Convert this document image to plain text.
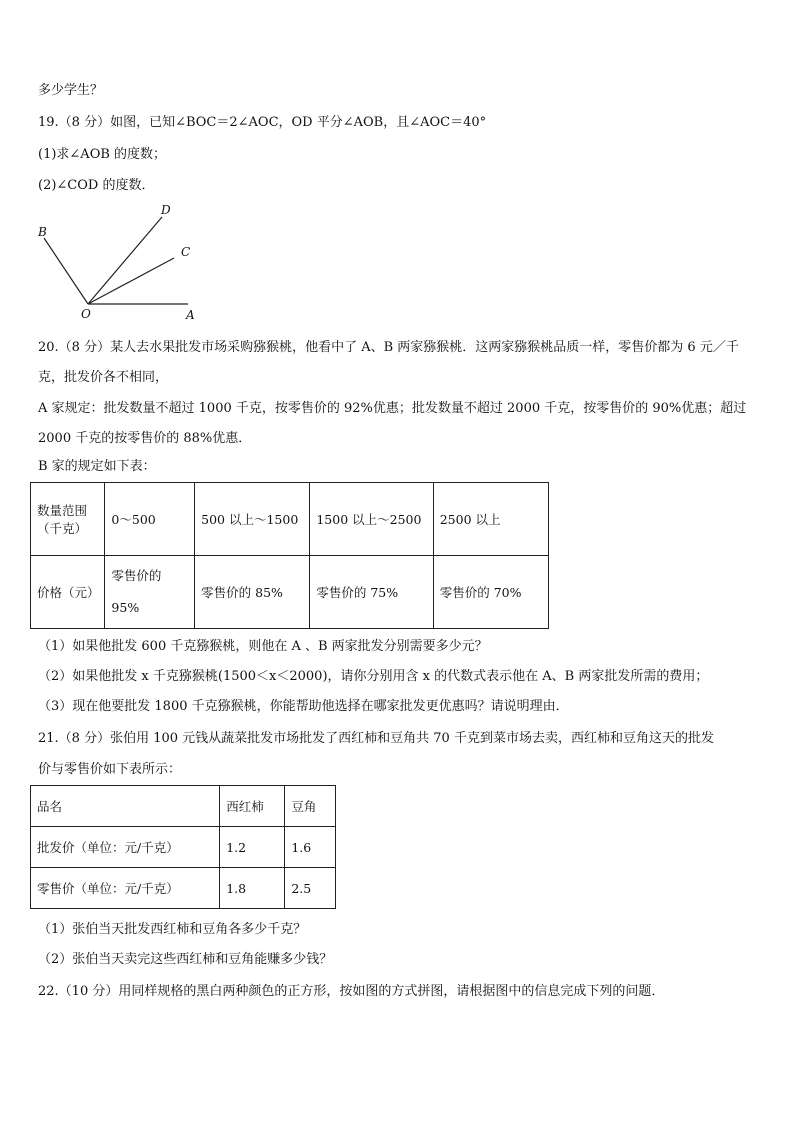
多少学生？
19.（8 分）如图，已知∠BOC＝2∠AOC，OD 平分∠AOB，且∠AOC＝40°
(1)求∠AOB 的度数；
(2)∠COD 的度数．
B
D
C
O	A
20.（8 分）某人去水果批发市场采购猕猴桃，他看中了 A、B 两家猕猴桃．这两家猕猴桃品质一样，零售价都为 6 元／千克，批发价各不相同，
A 家规定：批发数量不超过 1000 千克，按零售价的 92%优惠；批发数量不超过 2000 千克，按零售价的 90%优惠；超过 2000 千克的按零售价的 88%优惠．
B 家的规定如下表：
数量范围（千克）	0～500	500 以上～1500	1500 以上～2500	2500 以上
价格（元）	零售价的 95%	零售价的 85%	零售价的 75%	零售价的 70%
（1）如果他批发 600 千克猕猴桃，则他在 A 、B 两家批发分别需要多少元？
（2）如果他批发 x 千克猕猴桃(1500＜x＜2000)，请你分别用含 x 的代数式表示他在 A、B 两家批发所需的费用；
（3）现在他要批发 1800 千克猕猴桃，你能帮助他选择在哪家批发更优惠吗？请说明理由．
21.（8 分）张伯用 100 元钱从蔬菜批发市场批发了西红柿和豆角共 70 千克到菜市场去卖，西红柿和豆角这天的批发
价与零售价如下表所示：
品名	西红柿	豆角
批发价（单位：元/千克）	1.2	1.6
零售价（单位：元/千克）	1.8	2.5
（1）张伯当天批发西红柿和豆角各多少千克？
（2）张伯当天卖完这些西红柿和豆角能赚多少钱？
22.（10 分）用同样规格的黑白两种颜色的正方形，按如图的方式拼图，请根据图中的信息完成下列的问题．
